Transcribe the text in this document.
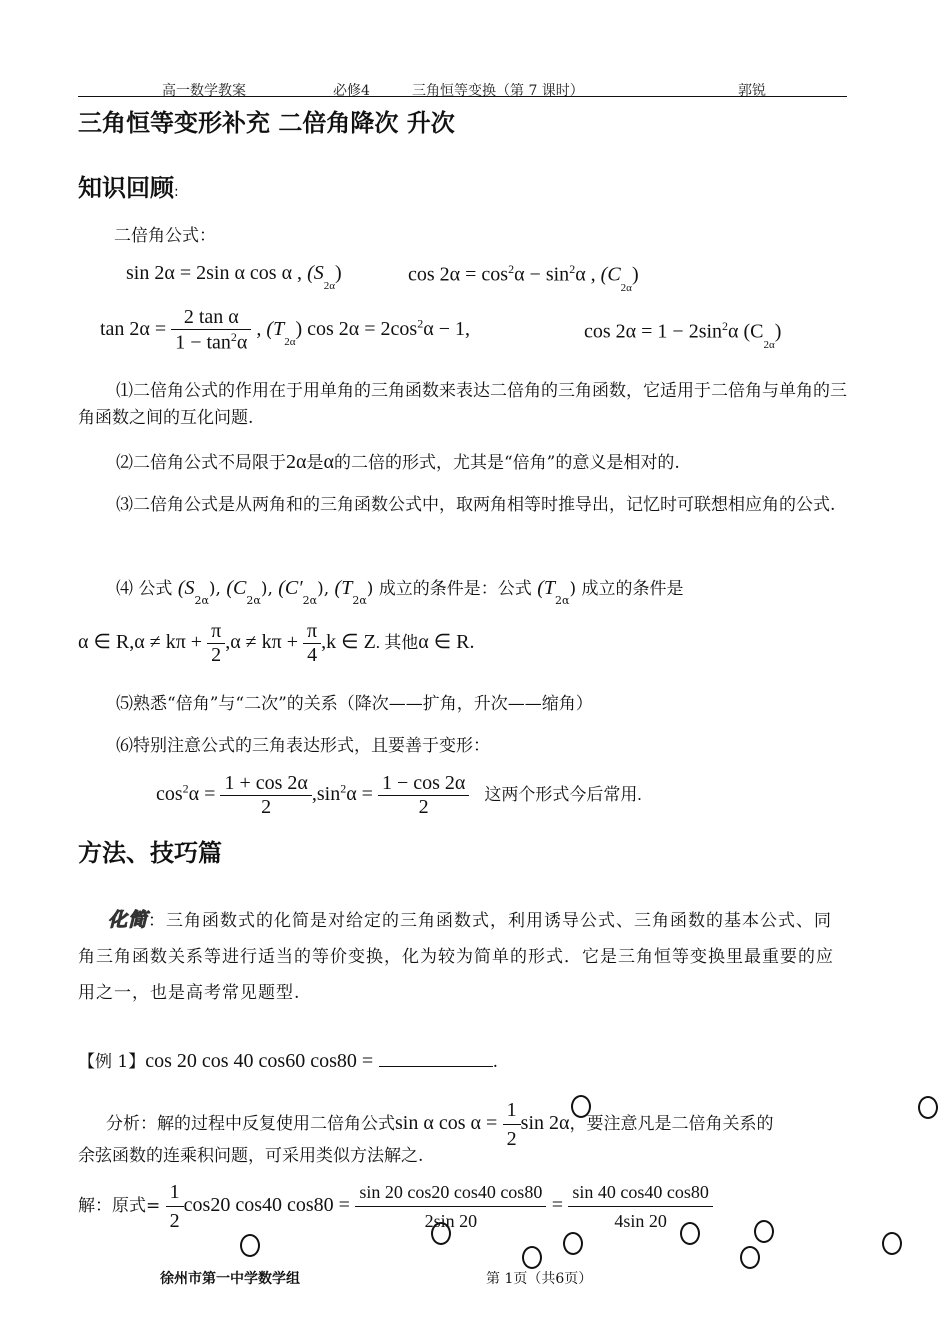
高一数学教案	必修4	三角恒等变换（第 7 课时）	郭锐
三角恒等变形补充 二倍角降次 升次
知识回顾:
二倍角公式：
sin 2α = 2sin α cos α , $(S_{2\alpha})$	$\cos 2\alpha = \cos^2\alpha - \sin^2\alpha$ , $(C_{2\alpha})$
$\tan 2\alpha = \frac{\text{2 tan α}}{1 - \tan^2\alpha}$ , $(T_{2\alpha})$ $\cos 2\alpha = 2\cos^2\alpha - 1$,	$\cos 2\alpha = 1 - 2\sin^2\alpha$ $(C_{2\alpha})$
⑴二倍角公式的作用在于用单角的三角函数来表达二倍角的三角函数，它适用于二倍角与单角的三角函数之间的互化问题.
⑵二倍角公式不局限于2α是α的二倍的形式，尤其是“倍角”的意义是相对的.
⑶二倍角公式是从两角和的三角函数公式中，取两角相等时推导出，记忆时可联想相应角的公式.
⑷ 公式 $(S_{2\alpha})$, $(C_{2\alpha})$, $(C'_{2\alpha})$, $(T_{2\alpha})$ 成立的条件是：公式 $(T_{2\alpha})$ 成立的条件是
α ∈ $R,\alpha \ne k\pi + \frac{\pi}{2} ,\alpha \ne k\pi + \frac{\pi}{4} ,k$ ∈ Z. 其他α ∈ R.
⑸熟悉“倍角”与“二次”的关系（降次——扩角，升次——缩角）
⑹特别注意公式的三角表达形式，且要善于变形：
$\cos^2\alpha = \frac{1 + \cos 2\alpha}{2} ,\sin^2\alpha = \frac{1 - \cos 2\alpha}{2}$ 这两个形式今后常用.
方法、技巧篇
化简：三角函数式的化简是对给定的三角函数式，利用诱导公式、三角函数的基本公式、同角三角函数关系等进行适当的等价变换，化为较为简单的形式．它是三角恒等变换里最重要的应用之一，也是高考常见题型.
【例 1】cos 20 cos 40 cos60 cos80 =	.
分析：解的过程中反复使用二倍角公式sin α $\cos \alpha = \frac{1}{2}$ sin 2α，要注意凡是二倍角关系的
余弦函数的连乘积问题，可采用类似方法解之.
解：原式= $\frac{1}{2} \cos 20$ cos40 $\cos 80 = \frac{\sin 20 \cos 20 \cos 40 \cos 80}{2\sin 20} = \frac{\sin 40 \cos 40 \cos 80}{4\sin 20}$
徐州市第一中学数学组	第 1页（共6页）
